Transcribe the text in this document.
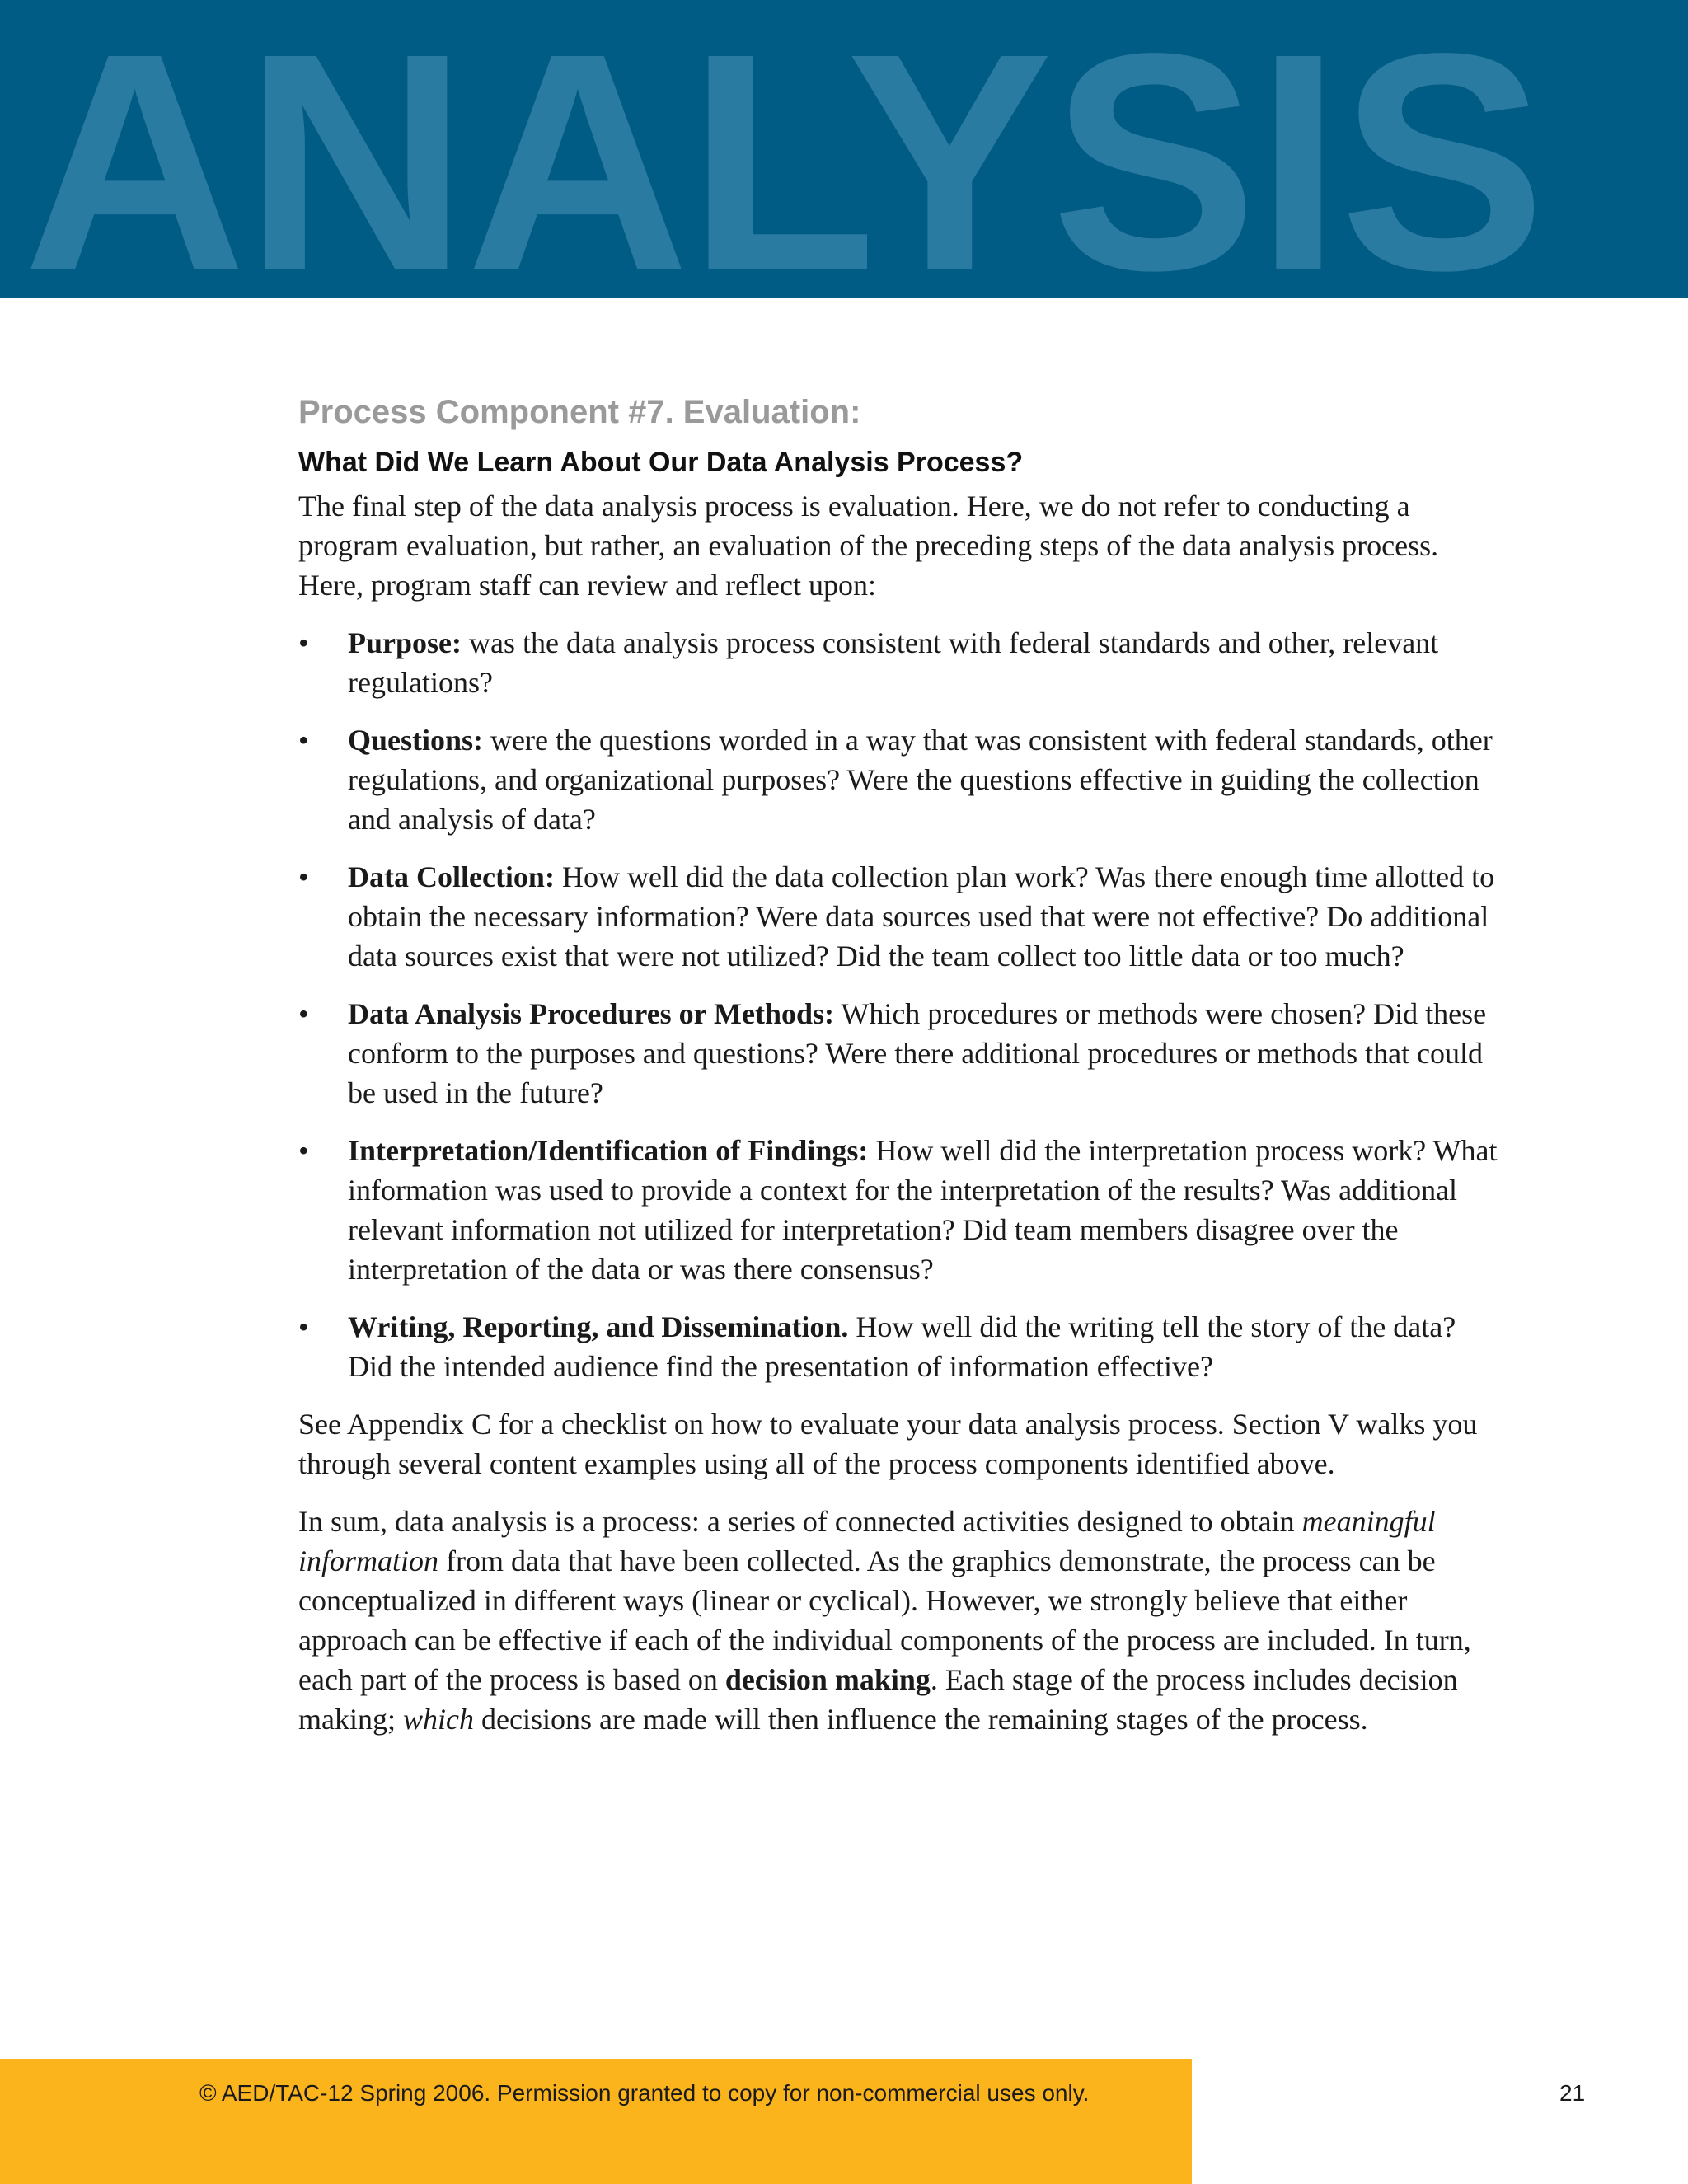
ANALYSIS
Process Component #7. Evaluation:
What Did We Learn About Our Data Analysis Process?

The final step of the data analysis process is evaluation. Here, we do not refer to conducting a program evaluation, but rather, an evaluation of the preceding steps of the data analysis process. Here, program staff can review and reflect upon:

• Purpose: was the data analysis process consistent with federal standards and other, relevant regulations?
• Questions: were the questions worded in a way that was consistent with federal standards, other regulations, and organizational purposes? Were the questions effective in guiding the collection and analysis of data?
• Data Collection: How well did the data collection plan work? Was there enough time allotted to obtain the necessary information? Were data sources used that were not effective? Do additional data sources exist that were not utilized? Did the team collect too little data or too much?
• Data Analysis Procedures or Methods: Which procedures or methods were chosen? Did these conform to the purposes and questions? Were there additional procedures or methods that could be used in the future?
• Interpretation/Identification of Findings: How well did the interpretation process work? What information was used to provide a context for the interpretation of the results? Was additional relevant information not utilized for interpretation? Did team members disagree over the interpretation of the data or was there consensus?
• Writing, Reporting, and Dissemination. How well did the writing tell the story of the data? Did the intended audience find the presentation of information effective?

See Appendix C for a checklist on how to evaluate your data analysis process. Section V walks you through several content examples using all of the process components identified above.

In sum, data analysis is a process: a series of connected activities designed to obtain meaningful information from data that have been collected. As the graphics demonstrate, the process can be conceptualized in different ways (linear or cyclical). However, we strongly believe that either approach can be effective if each of the individual components of the process are included. In turn, each part of the process is based on decision making. Each stage of the process includes decision making; which decisions are made will then influence the remaining stages of the process.

© AED/TAC-12 Spring 2006. Permission granted to copy for non-commercial uses only.	21
